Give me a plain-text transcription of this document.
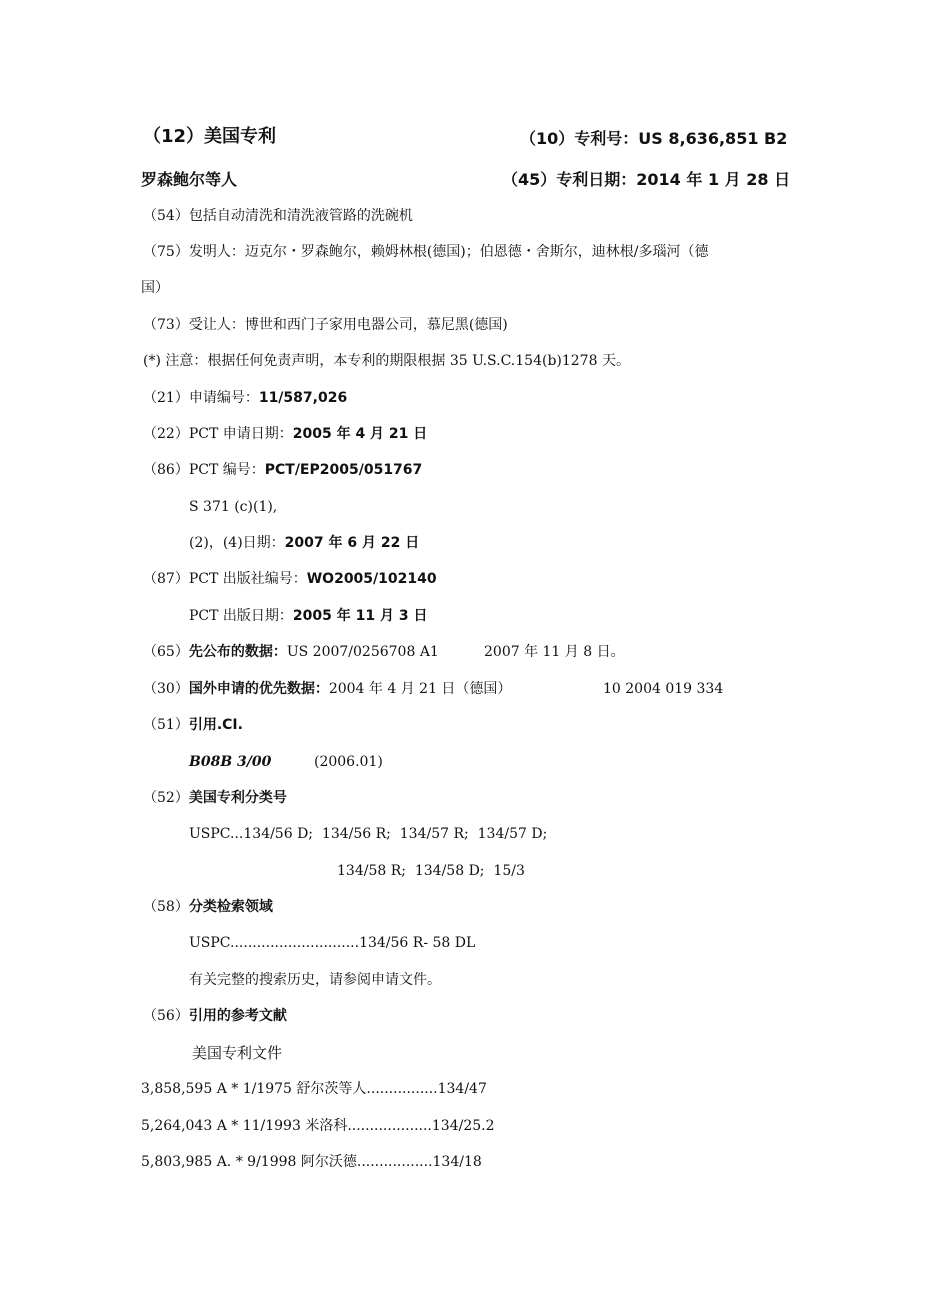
（12）美国专利	（10）专利号：US 8,636,851 B2
罗森鲍尔等人	（45）专利日期：2014 年 1 月 28 日
（54）包括自动清洗和清洗液管路的洗碗机
（75）发明人：迈克尔・罗森鲍尔，赖姆林根(德国)；伯恩德・舍斯尔，迪林根/多瑙河（德
国）
（73）受让人：博世和西门子家用电器公司，慕尼黑(德国)
(*) 注意：根据任何免责声明，本专利的期限根据 35 U.S.C.154(b)1278 天。
（21）申请编号：11/587,026
（22）PCT 申请日期：2005 年 4 月 21 日
（86）PCT 编号：PCT/EP2005/051767
S 371 (c)(1),
(2)，(4)日期：2007 年 6 月 22 日
（87）PCT 出版社编号：WO2005/102140
PCT 出版日期：2005 年 11 月 3 日
（65）先公布的数据：US 2007/0256708 A1	2007 年 11 月 8 日。
（30）国外申请的优先数据：2004 年 4 月 21 日（德国）	10 2004 019 334
（51）引用.CI.
B08B 3/00	(2006.01)
（52）美国专利分类号
USPC...134/56 D;  134/56 R;  134/57 R;  134/57 D;
134/58 R;  134/58 D;  15/3
（58）分类检索领域
USPC.............................134/56 R- 58 DL
有关完整的搜索历史，请参阅申请文件。
（56）引用的参考文献
美国专利文件
3,858,595 A * 1/1975 舒尔茨等人................134/47
5,264,043 A * 11/1993 米洛科...................134/25.2
5,803,985 A. * 9/1998 阿尔沃德.................134/18
